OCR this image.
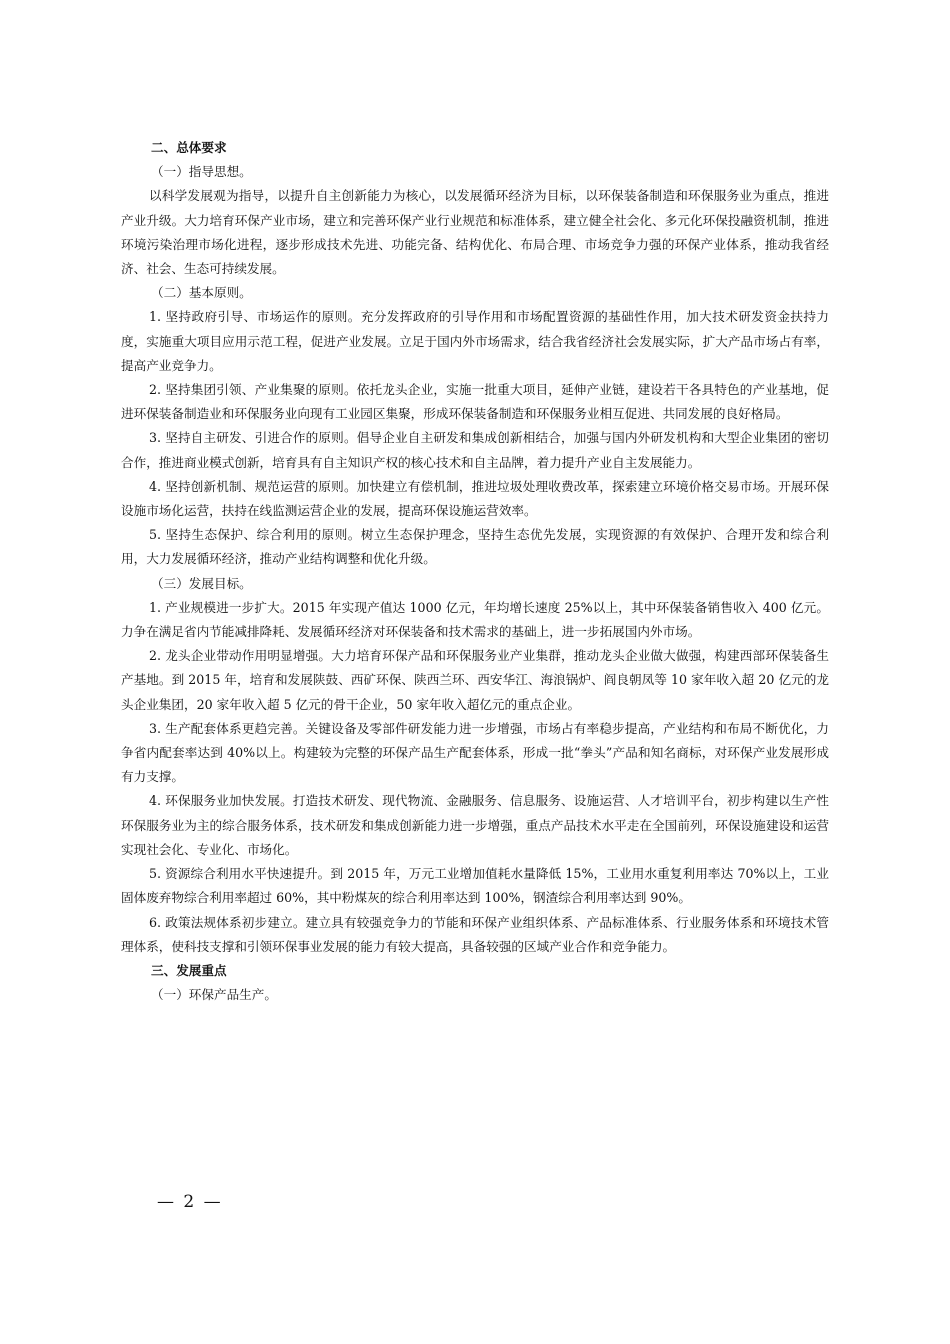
二、总体要求
（一）指导思想。

以科学发展观为指导，以提升自主创新能力为核心，以发展循环经济为目标，以环保装备制造和环保服务业为重点，推进产业升级。大力培育环保产业市场，建立和完善环保产业行业规范和标准体系，建立健全社会化、多元化环保投融资机制，推进环境污染治理市场化进程，逐步形成技术先进、功能完备、结构优化、布局合理、市场竞争力强的环保产业体系，推动我省经济、社会、生态可持续发展。

（二）基本原则。

1. 坚持政府引导、市场运作的原则。充分发挥政府的引导作用和市场配置资源的基础性作用，加大技术研发资金扶持力度，实施重大项目应用示范工程，促进产业发展。立足于国内外市场需求，结合我省经济社会发展实际，扩大产品市场占有率，提高产业竞争力。

2. 坚持集团引领、产业集聚的原则。依托龙头企业，实施一批重大项目，延伸产业链，建设若干各具特色的产业基地，促进环保装备制造业和环保服务业向现有工业园区集聚，形成环保装备制造和环保服务业相互促进、共同发展的良好格局。

3. 坚持自主研发、引进合作的原则。倡导企业自主研发和集成创新相结合，加强与国内外研发机构和大型企业集团的密切合作，推进商业模式创新，培育具有自主知识产权的核心技术和自主品牌，着力提升产业自主发展能力。

4. 坚持创新机制、规范运营的原则。加快建立有偿机制，推进垃圾处理收费改革，探索建立环境价格交易市场。开展环保设施市场化运营，扶持在线监测运营企业的发展，提高环保设施运营效率。

5. 坚持生态保护、综合利用的原则。树立生态保护理念，坚持生态优先发展，实现资源的有效保护、合理开发和综合利用，大力发展循环经济，推动产业结构调整和优化升级。

（三）发展目标。

1. 产业规模进一步扩大。2015 年实现产值达 1000 亿元，年均增长速度 25%以上，其中环保装备销售收入 400 亿元。力争在满足省内节能减排降耗、发展循环经济对环保装备和技术需求的基础上，进一步拓展国内外市场。

2. 龙头企业带动作用明显增强。大力培育环保产品和环保服务业产业集群，推动龙头企业做大做强，构建西部环保装备生产基地。到 2015 年，培育和发展陕鼓、西矿环保、陕西兰环、西安华江、海浪锅炉、阎良朝凤等 10 家年收入超 20 亿元的龙头企业集团，20 家年收入超 5 亿元的骨干企业，50 家年收入超亿元的重点企业。

3. 生产配套体系更趋完善。关键设备及零部件研发能力进一步增强，市场占有率稳步提高，产业结构和布局不断优化，力争省内配套率达到 40%以上。构建较为完整的环保产品生产配套体系，形成一批“拳头”产品和知名商标，对环保产业发展形成有力支撑。

4. 环保服务业加快发展。打造技术研发、现代物流、金融服务、信息服务、设施运营、人才培训平台，初步构建以生产性环保服务业为主的综合服务体系，技术研发和集成创新能力进一步增强，重点产品技术水平走在全国前列，环保设施建设和运营实现社会化、专业化、市场化。

5. 资源综合利用水平快速提升。到 2015 年，万元工业增加值耗水量降低 15%，工业用水重复利用率达 70%以上，工业固体废弃物综合利用率超过 60%，其中粉煤灰的综合利用率达到 100%，钢渣综合利用率达到 90%。

6. 政策法规体系初步建立。建立具有较强竞争力的节能和环保产业组织体系、产品标准体系、行业服务体系和环境技术管理体系，使科技支撑和引领环保事业发展的能力有较大提高，具备较强的区域产业合作和竞争能力。

三、发展重点
（一）环保产品生产。
— 2 —
